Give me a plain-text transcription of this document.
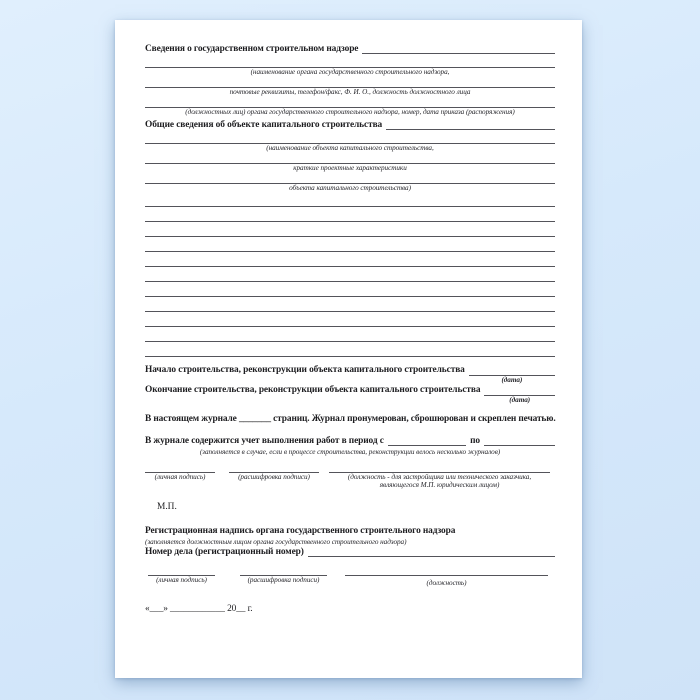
Сведения о государственном строительном надзоре
(наименование органа государственного строительного надзора,
почтовые реквизиты, телефон/факс, Ф. И. О., должность должностного лица
(должностных лиц) органа государственного строительного надзора, номер, дата приказа (распоряжения)
Общие сведения об объекте капитального строительства
(наименование объекта капитального строительства,
краткие проектные характеристики
объекта капитального строительства)
Начало строительства, реконструкции объекта капитального строительства
(дата)
Окончание строительства, реконструкции объекта капитального строительства
(дата)
В настоящем журнале _______ страниц. Журнал пронумерован, сброшюрован и скреплен печатью.
В журнале содержится учет выполнения работ в период с	по
(заполняется в случае, если в процессе строительства, реконструкции велось несколько журналов)
(личная подпись)	(расшифровка подписи)	(должность - для застройщика или технического заказчика,
являющегося М.П. юридическим лицом)
М.П.
Регистрационная надпись органа государственного строительного надзора
(заполняется должностным лицом органа государственного строительного надзора)
Номер дела (регистрационный номер)
(личная подпись)	(расшифровка подписи)	(должность)
«___» ____________ 20__ г.
